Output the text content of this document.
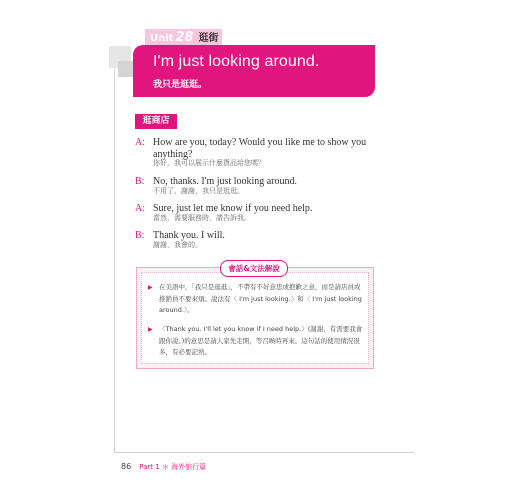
Unit 28 逛街
I'm just looking around.
我只是逛逛。
逛商店
A: How are you, today? Would you like me to show you anything?
你好，我可以展示什麼貨品給您嗎？
B: No, thanks. I'm just looking around.
不用了，謝謝，我只是逛逛。
A: Sure, just let me know if you need help.
當然，需要服務時，請告訴我。
B: Thank you. I will.
謝謝，我會的。
會話&文法解說
▶ 在美語中，「我只是逛逛」，不帶有不好意思或抱歉之意，而是請店員或推銷員不要來煩。說法有〈 I'm just looking.〉和〈 I'm just looking around.〉。
▶ 〈Thank you. I'll let you know if I need help.〉(謝謝，有需要我會跟你說。)的意思是請人家先走開，等召喚時再來。這句話的使用情況很多，有必要記熟。
86 Part 1 ＊ 海外旅行篇
